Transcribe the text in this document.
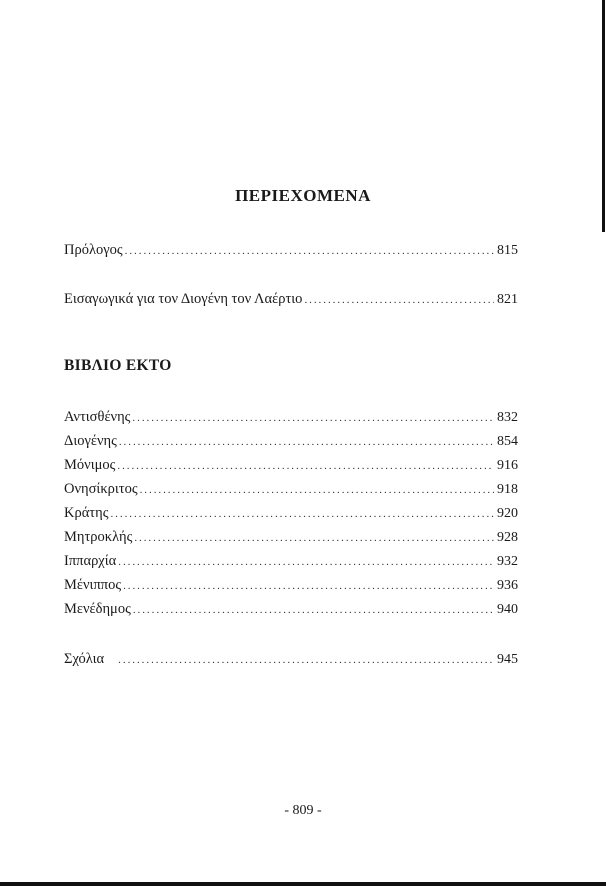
ΠΕΡΙΕΧΟΜΕΝΑ
Πρόλογος . . .	815
Εισαγωγικά για τον Διογένη τον Λαέρτιο . . .	821
ΒΙΒΛΙΟ ΕΚΤΟ
Αντισθένης . . .	832
Διογένης . . .	854
Μόνιμος . . .	916
Ονησίκριτος . . .	918
Κράτης . . .	920
Μητροκλής . . .	928
Ιππαρχία . . .	932
Μένιππος . . .	936
Μενέδημος . . .	940
Σχόλια . . .	945
- 809 -
